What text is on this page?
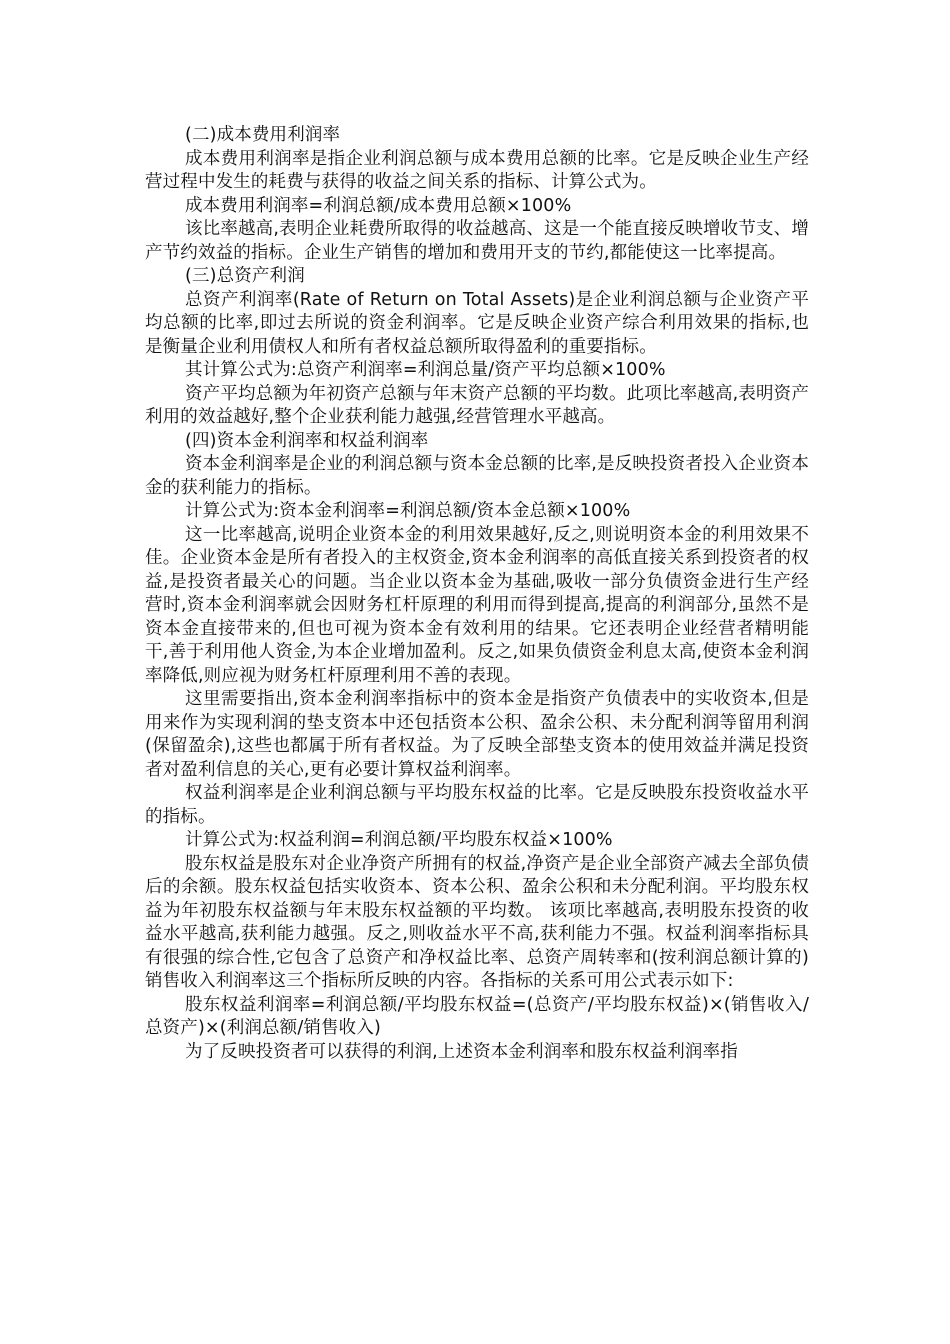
(二)成本费用利润率

成本费用利润率是指企业利润总额与成本费用总额的比率。它是反映企业生产经营过程中发生的耗费与获得的收益之间关系的指标、计算公式为。

成本费用利润率=利润总额/成本费用总额×100%

该比率越高,表明企业耗费所取得的收益越高、这是一个能直接反映增收节支、增产节约效益的指标。企业生产销售的增加和费用开支的节约,都能使这一比率提高。

(三)总资产利润

总资产利润率(Rate of Return on Total Assets)是企业利润总额与企业资产平均总额的比率,即过去所说的资金利润率。它是反映企业资产综合利用效果的指标,也是衡量企业利用债权人和所有者权益总额所取得盈利的重要指标。

其计算公式为:总资产利润率=利润总量/资产平均总额×100%

资产平均总额为年初资产总额与年末资产总额的平均数。此项比率越高,表明资产利用的效益越好,整个企业获利能力越强,经营管理水平越高。

(四)资本金利润率和权益利润率

资本金利润率是企业的利润总额与资本金总额的比率,是反映投资者投入企业资本金的获利能力的指标。

计算公式为:资本金利润率=利润总额/资本金总额×100%

这一比率越高,说明企业资本金的利用效果越好,反之,则说明资本金的利用效果不佳。企业资本金是所有者投入的主权资金,资本金利润率的高低直接关系到投资者的权益,是投资者最关心的问题。当企业以资本金为基础,吸收一部分负债资金进行生产经营时,资本金利润率就会因财务杠杆原理的利用而得到提高,提高的利润部分,虽然不是资本金直接带来的,但也可视为资本金有效利用的结果。它还表明企业经营者精明能干,善于利用他人资金,为本企业增加盈利。反之,如果负债资金利息太高,使资本金利润率降低,则应视为财务杠杆原理利用不善的表现。

这里需要指出,资本金利润率指标中的资本金是指资产负债表中的实收资本,但是用来作为实现利润的垫支资本中还包括资本公积、盈余公积、未分配利润等留用利润(保留盈余),这些也都属于所有者权益。为了反映全部垫支资本的使用效益并满足投资者对盈利信息的关心,更有必要计算权益利润率。

权益利润率是企业利润总额与平均股东权益的比率。它是反映股东投资收益水平的指标。

计算公式为:权益利润=利润总额/平均股东权益×100%

股东权益是股东对企业净资产所拥有的权益,净资产是企业全部资产减去全部负债后的余额。股东权益包括实收资本、资本公积、盈余公积和未分配利润。平均股东权益为年初股东权益额与年末股东权益额的平均数。 该项比率越高,表明股东投资的收益水平越高,获利能力越强。反之,则收益水平不高,获利能力不强。权益利润率指标具有很强的综合性,它包含了总资产和净权益比率、总资产周转率和(按利润总额计算的)销售收入利润率这三个指标所反映的内容。各指标的关系可用公式表示如下:

股东权益利润率=利润总额/平均股东权益=(总资产/平均股东权益)×(销售收入/总资产)×(利润总额/销售收入)

为了反映投资者可以获得的利润,上述资本金利润率和股东权益利润率指
